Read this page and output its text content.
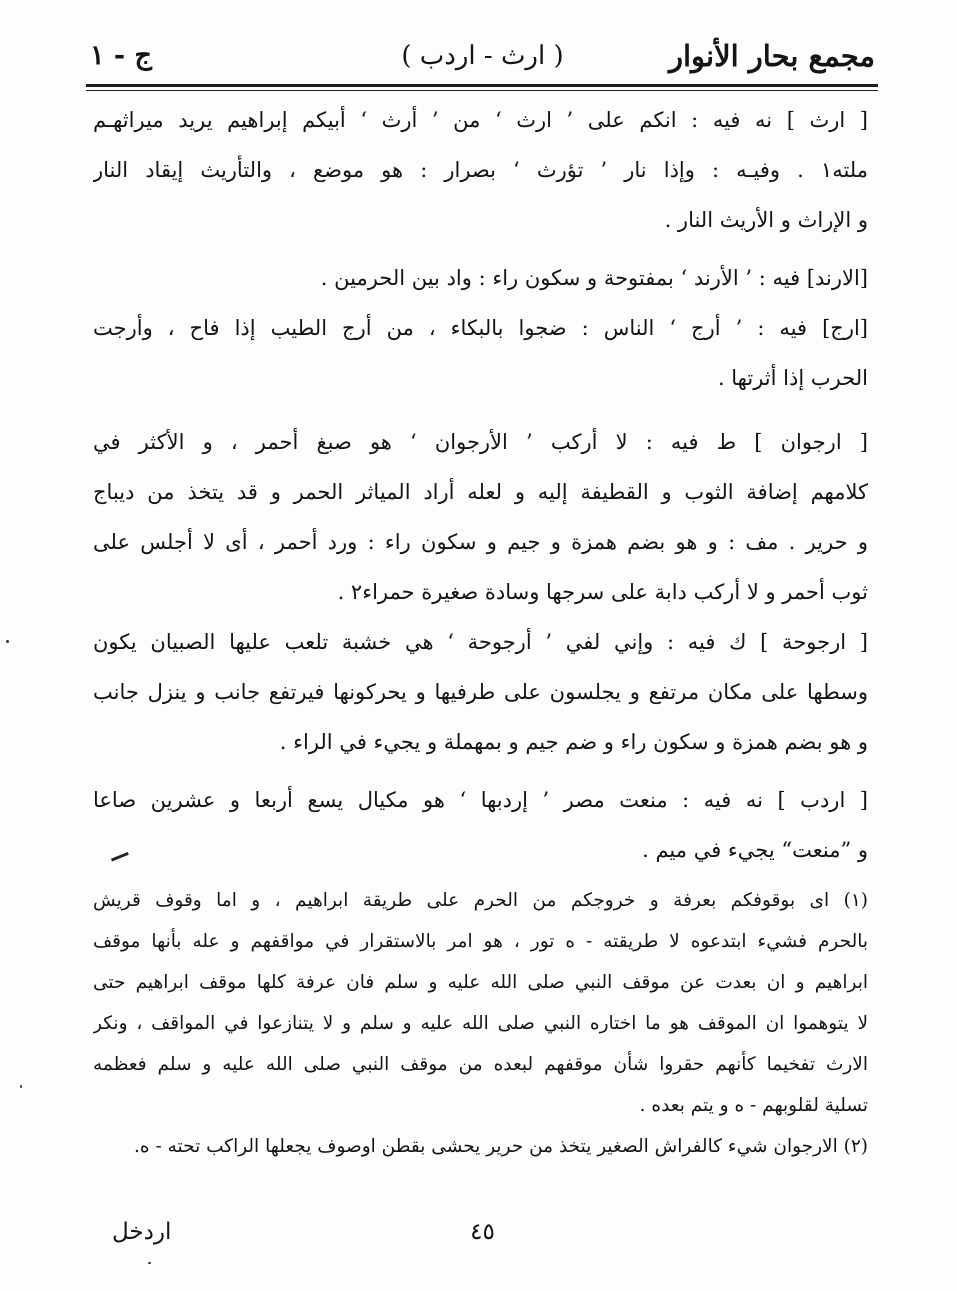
مجمع بحار الأنوار
( ارث - اردب )
ج - ١
[ ارث ] نه فيه : انكم على ’ ارث ‘ من ’ أرث ‘ أبيكم إبراهيم يريد ميراثهـم
ملته١ . وفيـه : وإذا نار ’ تؤرث ‘ بصرار : هو موضع ، والتأريث إيقاد النار
و الإراث و الأريث النار .
[الارند] فيه : ’ الأرند ‘ بمفتوحة و سكون راء : واد بين الحرمين .
[ارج] فيه : ’ أرج ‘ الناس : ضجوا بالبكاء ، من أرج الطيب إذا فاح ، وأرجت
الحرب إذا أثرتها .
[ ارجوان ] ط فيه : لا أركب ’ الأرجوان ‘ هو صبغ أحمر ، و الأكثر في
كلامهم إضافة الثوب و القطيفة إليه و لعله أراد المياثر الحمر و قد يتخذ من ديباج
و حرير . مف : و هو بضم همزة و جيم و سكون راء : ورد أحمر ، أى لا أجلس على
ثوب أحمر و لا أركب دابة على سرجها وسادة صغيرة حمراء٢ .
[ ارجوحة ] ك فيه : وإني لفي ’ أرجوحة ‘ هي خشبة تلعب عليها الصبيان يكون
وسطها على مكان مرتفع و يجلسون على طرفيها و يحركونها فيرتفع جانب و ينزل جانب
و هو بضم همزة و سكون راء و ضم جيم و بمهملة و يجيء في الراء .
[ اردب ] نه فيه : منعت مصر ’ إردبها ‘ هو مكيال يسع أربعا و عشرين صاعا
و ”منعت“ يجيء في ميم .
(١) اى بوقوفكم بعرفة و خروجكم من الحرم على طريقة ابراهيم ، و اما وقوف قريش
بالحرم فشيء ابتدعوه لا طريقته - ه تور ، هو امر بالاستقرار في مواقفهم و عله بأنها موقف
ابراهيم و ان بعدت عن موقف النبي صلى الله عليه و سلم فان عرفة كلها موقف ابراهيم حتى
لا يتوهموا ان الموقف هو ما اختاره النبي صلى الله عليه و سلم و لا يتنازعوا في المواقف ، ونكر
الارث تفخيما كأنهم حقروا شأن موقفهم لبعده من موقف النبي صلى الله عليه و سلم فعظمه
تسلية لقلوبهم - ه و يتم بعده .
(٢) الارجوان شيء كالفراش الصغير يتخذ من حرير يحشى بقطن اوصوف يجعلها الراكب تحته - ه.
٤٥
اردخل
